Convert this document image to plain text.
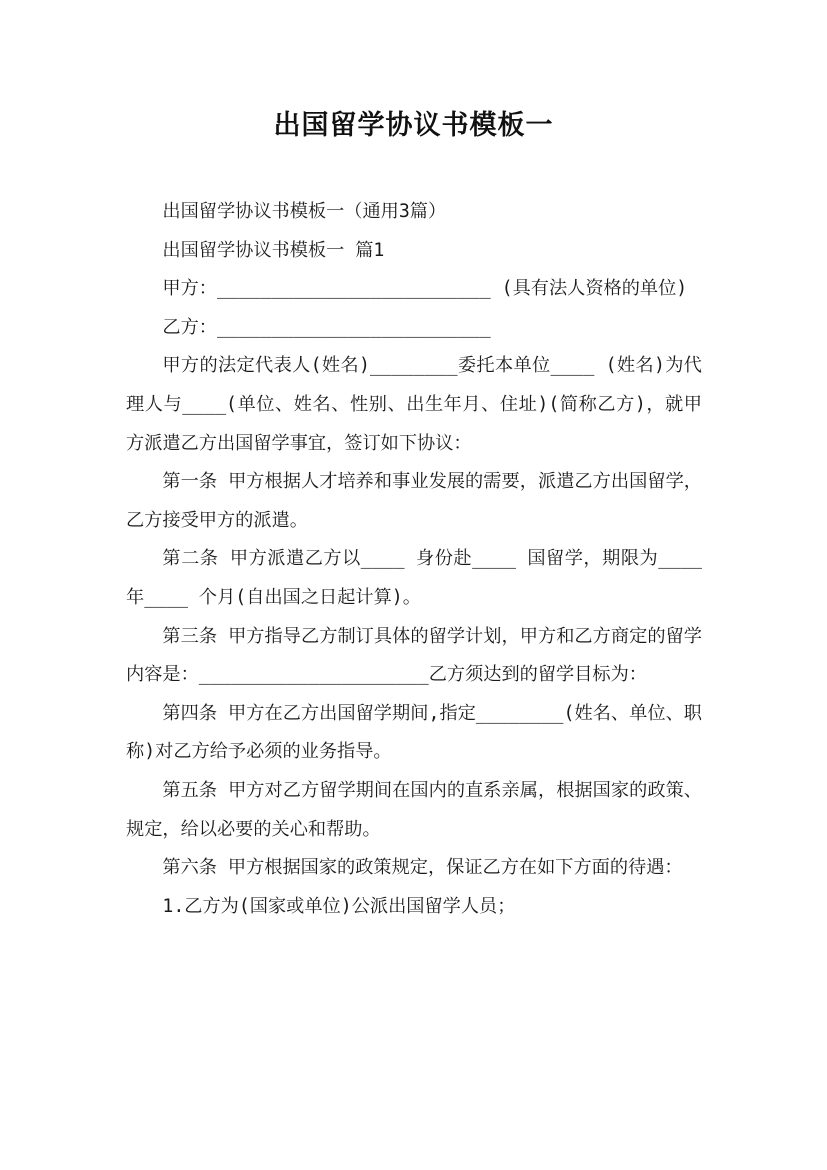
出国留学协议书模板一

出国留学协议书模板一（通用3篇）

出国留学协议书模板一 篇1

甲方：_________________________ (具有法人资格的单位)

乙方：_________________________

甲方的法定代表人(姓名)________委托本单位____ (姓名)为代理人与____(单位、姓名、性别、出生年月、住址)(简称乙方)，就甲方派遣乙方出国留学事宜，签订如下协议：

第一条 甲方根据人才培养和事业发展的需要，派遣乙方出国留学，乙方接受甲方的派遣。

第二条 甲方派遣乙方以____ 身份赴____ 国留学，期限为____ 年____ 个月(自出国之日起计算)。

第三条 甲方指导乙方制订具体的留学计划，甲方和乙方商定的留学内容是：_____________________乙方须达到的留学目标为：

第四条 甲方在乙方出国留学期间,指定________(姓名、单位、职称)对乙方给予必须的业务指导。

第五条 甲方对乙方留学期间在国内的直系亲属，根据国家的政策、规定，给以必要的关心和帮助。

第六条 甲方根据国家的政策规定，保证乙方在如下方面的待遇：

1.乙方为(国家或单位)公派出国留学人员；
